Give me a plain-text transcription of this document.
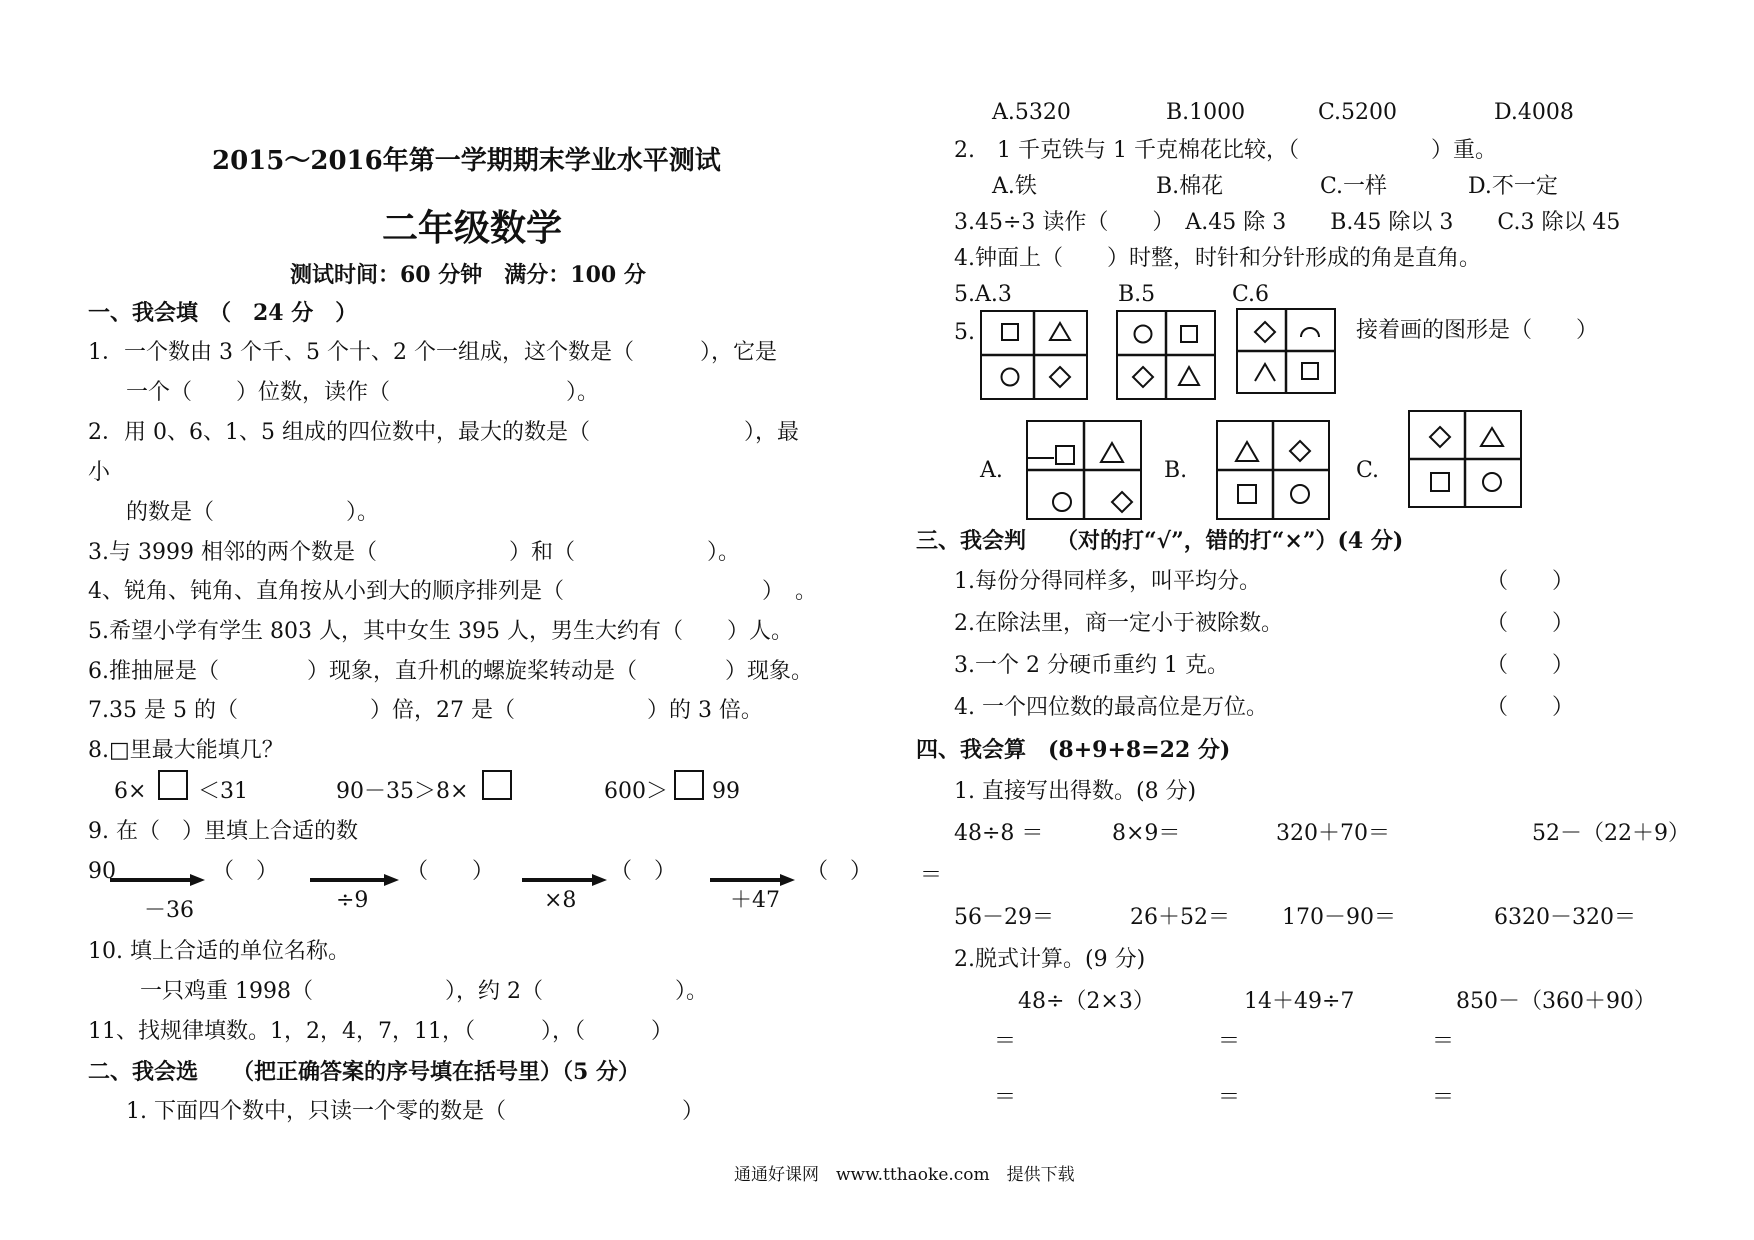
2015～2016年第一学期期末学业水平测试
二年级数学
测试时间：60 分钟　满分：100 分
一、我会填　（　24 分　）
1．一个数由 3 个千、5 个十、2 个一组成，这个数是（　　　），它是
一个（　　）位数，读作（　　　　　　　　）。
2．用 0、6、1、5 组成的四位数中，最大的数是（　　　　　　　），最
小
的数是（　　　　　　）。
3.与 3999 相邻的两个数是（　　　　　　）和（　　　　　　）。
4、锐角、钝角、直角按从小到大的顺序排列是（　　　　　　　　　）　。
5.希望小学有学生 803 人，其中女生 395 人，男生大约有（　　）人。
6.推抽屉是（　　　　）现象，直升机的螺旋桨转动是（　　　　）现象。
7.35 是 5 的（　　　　　　）倍，27 是（　　　　　　）的 3 倍。
8.□里最大能填几？
6× ＜31	90－35＞8×	600＞ 99
9. 在（　）里填上合适的数
90
－36
（　）
÷9
（　　）
×8
（　）
＋47
（　）
10. 填上合适的单位名称。
一只鸡重 1998（　　　　　　），约 2（　　　　　　）。
11、找规律填数。1，2，4，7，11，（　　　），（　　　）
二、我会选 （把正确答案的序号填在括号里）（5 分）
1. 下面四个数中，只读一个零的数是（　　　　　　　　）
A.5320	B.1000	C.5200	D.4008
2.　1 千克铁与 1 千克棉花比较，（　　　　　　）重。
A.铁	B.棉花	C.一样	D.不一定
3.45÷3 读作（　　）　A.45 除 3　　B.45 除以 3　　C.3 除以 45
4.钟面上（　　）时整，时针和分针形成的角是直角。
5.A.3	B.5	C.6
5.	接着画的图形是（　　）
A.	B.	C.
三、我会判 （对的打“√”，错的打“×”）(4 分)
1.每份分得同样多，叫平均分。	（　　）
2.在除法里，商一定小于被除数。	（　　）
3.一个 2 分硬币重约 1 克。	（　　）
4. 一个四位数的最高位是万位。	（　　）
四、我会算　(8+9+8=22 分)
1. 直接写出得数。(8 分)
48÷8 ＝	8×9＝	320＋70＝	52－（22＋9）
＝
56－29＝	26＋52＝ 170－90＝	6320－320＝
2.脱式计算。(9 分)
48÷（2×3）	14＋49÷7	850－（360＋90）
＝	＝	＝
＝	＝	＝
通通好课网　www.tthaoke.com　提供下载
